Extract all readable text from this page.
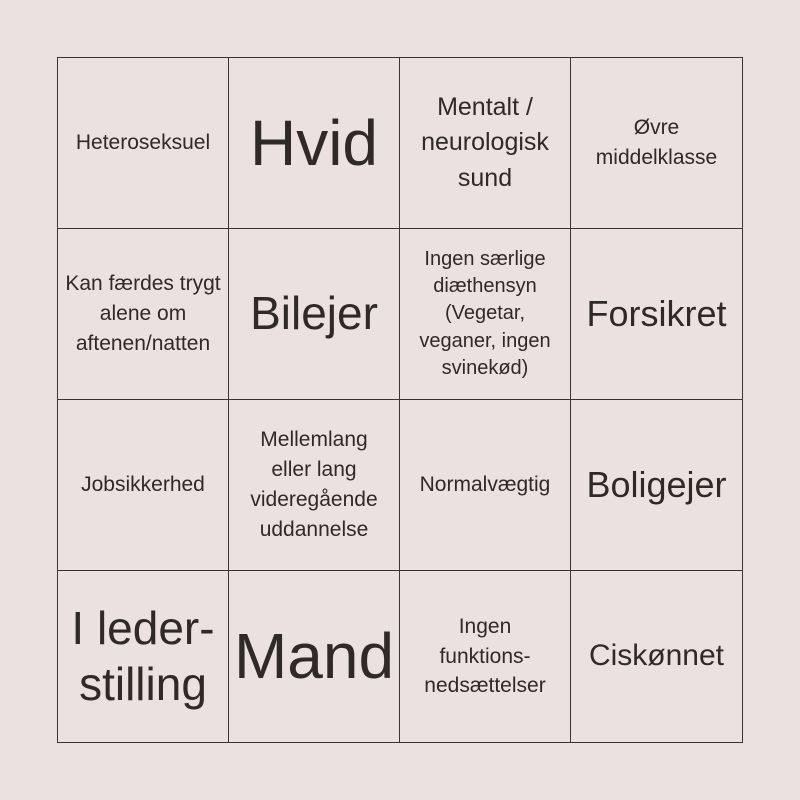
Heteroseksuel Hvid
Mentalt / neurologisk sund
Øvre middelklasse
Kan færdes trygt alene om aftenen/natten
Bilejer
Ingen særlige diæthensyn (Vegetar, veganer, ingen svinekød)
Forsikret
Jobsikkerhed
Mellemlang eller lang videregående uddannelse
Normalvægtig Boligejer
I leder-stilling Mand	Ingen funktions-nedsættelser
Ciskønnet
